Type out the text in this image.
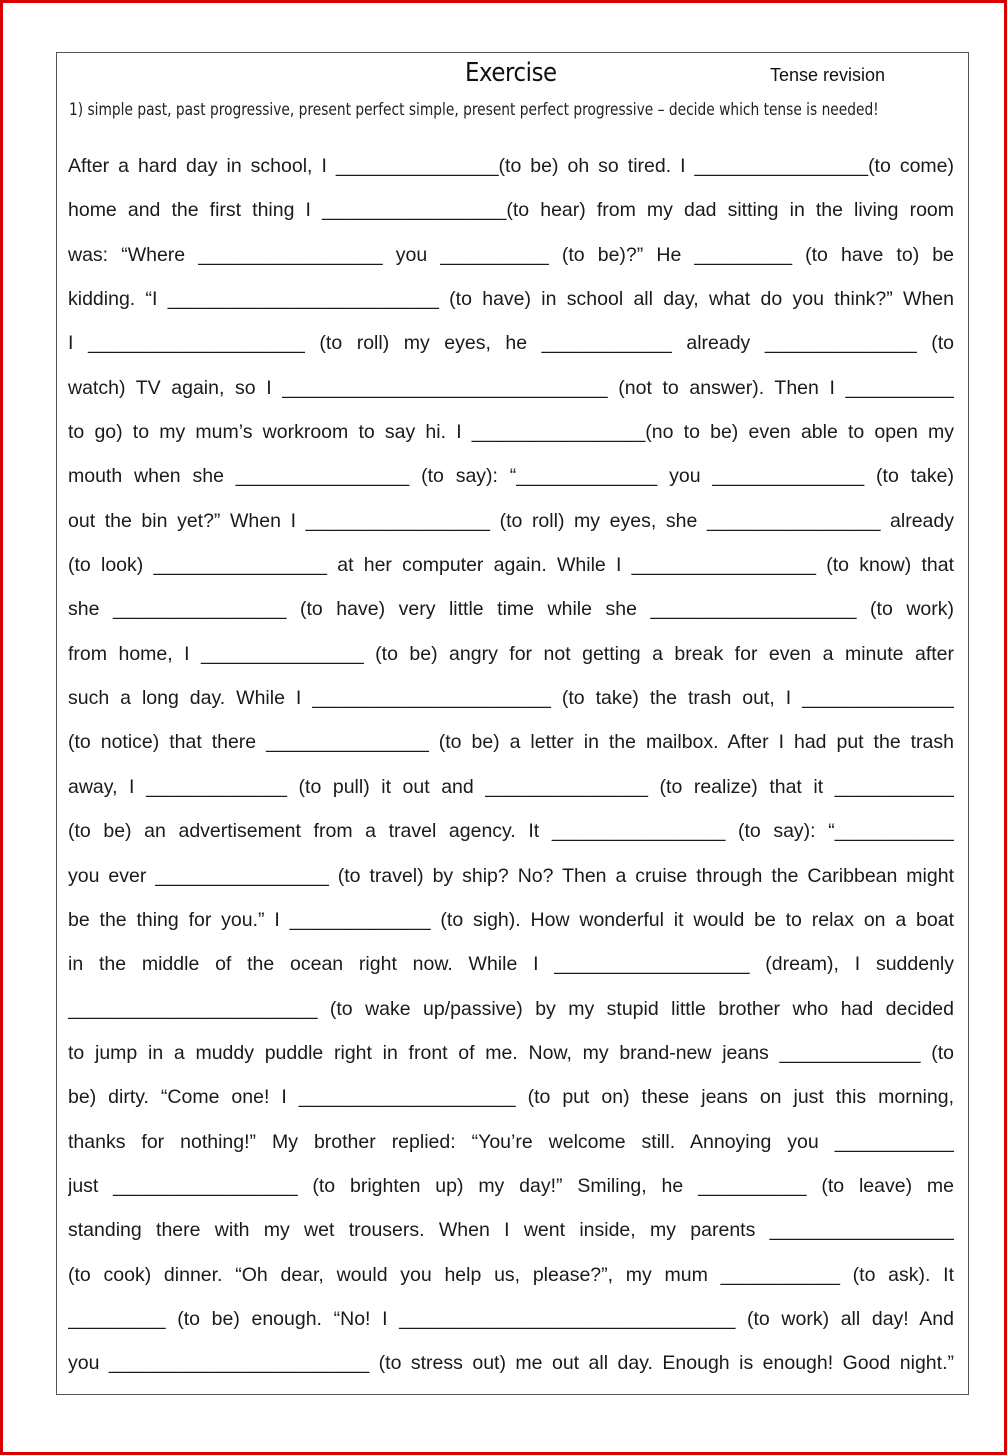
Exercise	Tense revision
1) simple past, past progressive, present perfect simple, present perfect progressive – decide which tense is needed!
After a hard day in school, I _______________(to be) oh so tired. I ________________(to come)
home and the first thing I _________________(to hear) from my dad sitting in the living room
was: “Where _________________ you __________ (to be)?” He _________ (to have to) be
kidding. “I _________________________ (to have) in school all day, what do you think?” When
I ____________________ (to roll) my eyes, he ____________ already ______________ (to
watch) TV again, so I ______________________________ (not to answer). Then I __________
to go) to my mum’s workroom to say hi. I ________________(no to be) even able to open my
mouth when she ________________ (to say): “_____________ you ______________ (to take)
out the bin yet?” When I _________________ (to roll) my eyes, she ________________ already
(to look) ________________ at her computer again. While I _________________ (to know) that
she ________________ (to have) very little time while she ___________________ (to work)
from home, I _______________ (to be) angry for not getting a break for even a minute after
such a long day. While I ______________________ (to take) the trash out, I ______________
(to notice) that there _______________ (to be) a letter in the mailbox. After I had put the trash
away, I _____________ (to pull) it out and _______________ (to realize) that it ___________
(to be) an advertisement from a travel agency. It ________________ (to say): “___________
you ever ________________ (to travel) by ship? No? Then a cruise through the Caribbean might
be the thing for you.” I _____________ (to sigh). How wonderful it would be to relax on a boat
in the middle of the ocean right now. While I __________________ (dream), I suddenly
_______________________ (to wake up/passive) by my stupid little brother who had decided
to jump in a muddy puddle right in front of me. Now, my brand-new jeans _____________ (to
be) dirty. “Come one! I ____________________ (to put on) these jeans on just this morning,
thanks for nothing!” My brother replied: “You’re welcome still. Annoying you ___________
just _________________ (to brighten up) my day!” Smiling, he __________ (to leave) me
standing there with my wet trousers. When I went inside, my parents _________________
(to cook) dinner. “Oh dear, would you help us, please?”, my mum ___________ (to ask). It
_________ (to be) enough. “No! I _______________________________ (to work) all day! And
you ________________________ (to stress out) me out all day. Enough is enough! Good night.”
